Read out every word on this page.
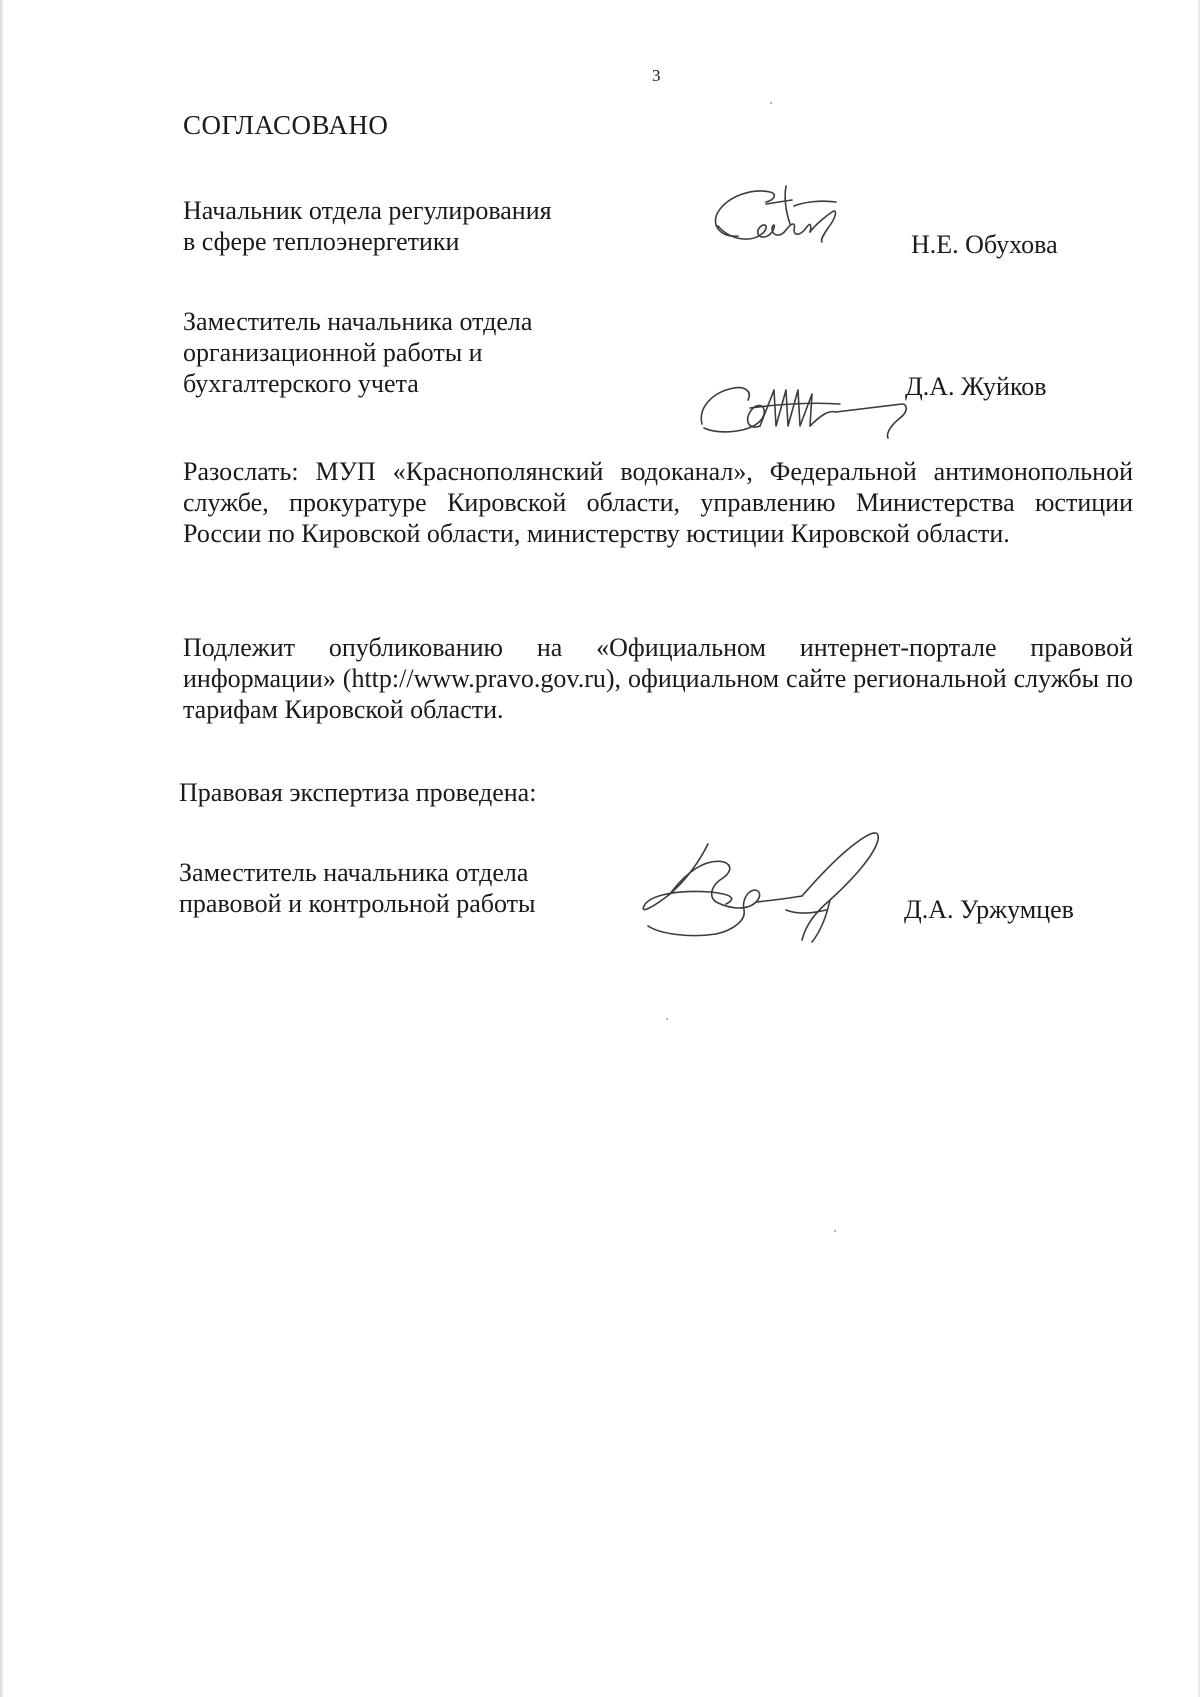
3
СОГЛАСОВАНО
Начальник отдела регулирования
в сфере теплоэнергетики	Н.Е. Обухова
Заместитель начальника отдела
организационной работы и
бухгалтерского учета	Д.А. Жуйков
Разослать: МУП «Краснополянский водоканал», Федеральной антимонопольной службе, прокуратуре Кировской области, управлению Министерства юстиции России по Кировской области, министерству юстиции Кировской области.
Подлежит опубликованию на «Официальном интернет-портале правовой информации» (http://www.pravo.gov.ru), официальном сайте региональной службы по тарифам Кировской области.
Правовая экспертиза проведена:
Заместитель начальника отдела
правовой и контрольной работы	Д.А. Уржумцев
